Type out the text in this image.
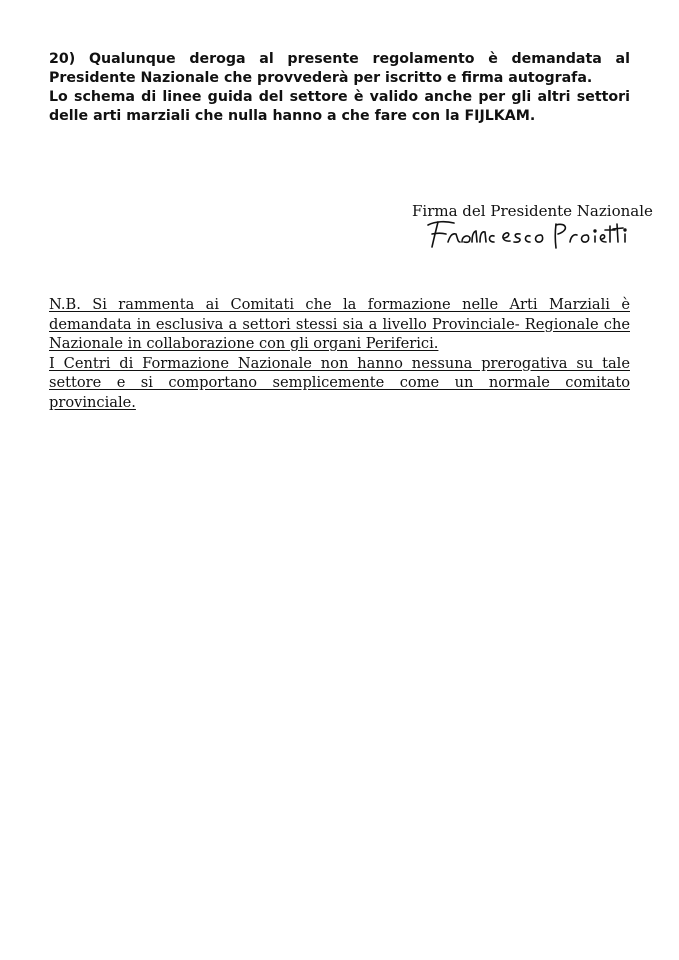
20) Qualunque deroga al presente regolamento è demandata al Presidente Nazionale che provvederà per iscritto e firma autografa.

Lo schema di linee guida del settore è valido anche per gli altri settori delle arti marziali che nulla hanno a che fare con la FIJLKAM.

Firma del Presidente Nazionale

N.B. Si rammenta ai Comitati che la formazione nelle Arti Marziali è demandata in esclusiva a settori stessi sia a livello Provinciale- Regionale che Nazionale in collaborazione con gli organi Periferici.

I Centri di Formazione Nazionale non hanno nessuna prerogativa su tale settore e si comportano semplicemente come un normale comitato provinciale.
